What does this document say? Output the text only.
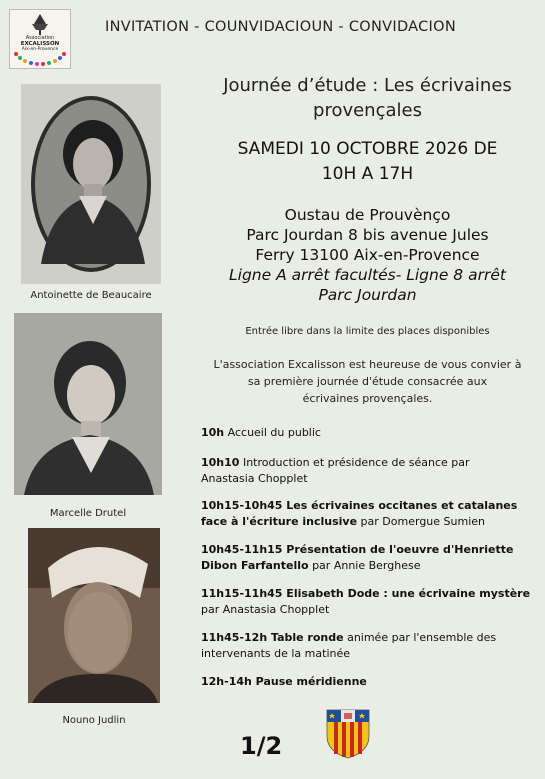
Association
EXCALISSON
Aix-en-Provence
INVITATION - COUNVIDACIOUN - CONVIDACION
Antoinette de Beaucaire
Marcelle Drutel
Nouno Judlin
Journée d’étude : Les écrivaines
provençales
SAMEDI 10 OCTOBRE 2026 DE
10H A 17H
Oustau de Prouvènço
Parc Jourdan 8 bis avenue Jules
Ferry 13100 Aix-en-Provence
Ligne A arrêt facultés- Ligne 8 arrêt
Parc Jourdan
Entrée libre dans la limite des places disponibles
L'association Excalisson est heureuse de vous convier à
sa première journée d'étude consacrée aux
écrivaines provençales.
10h Accueil du public
10h10 Introduction et présidence de séance par
Anastasia Chopplet
10h15-10h45 Les écrivaines occitanes et catalanes
face à l'écriture inclusive par Domergue Sumien
10h45-11h15 Présentation de l'oeuvre d'Henriette
Dibon Farfantello par Annie Berghese
11h15-11h45 Elisabeth Dode : une écrivaine mystère
par Anastasia Chopplet
11h45-12h Table ronde animée par l'ensemble des
intervenants de la matinée
12h-14h Pause méridienne
1/2
